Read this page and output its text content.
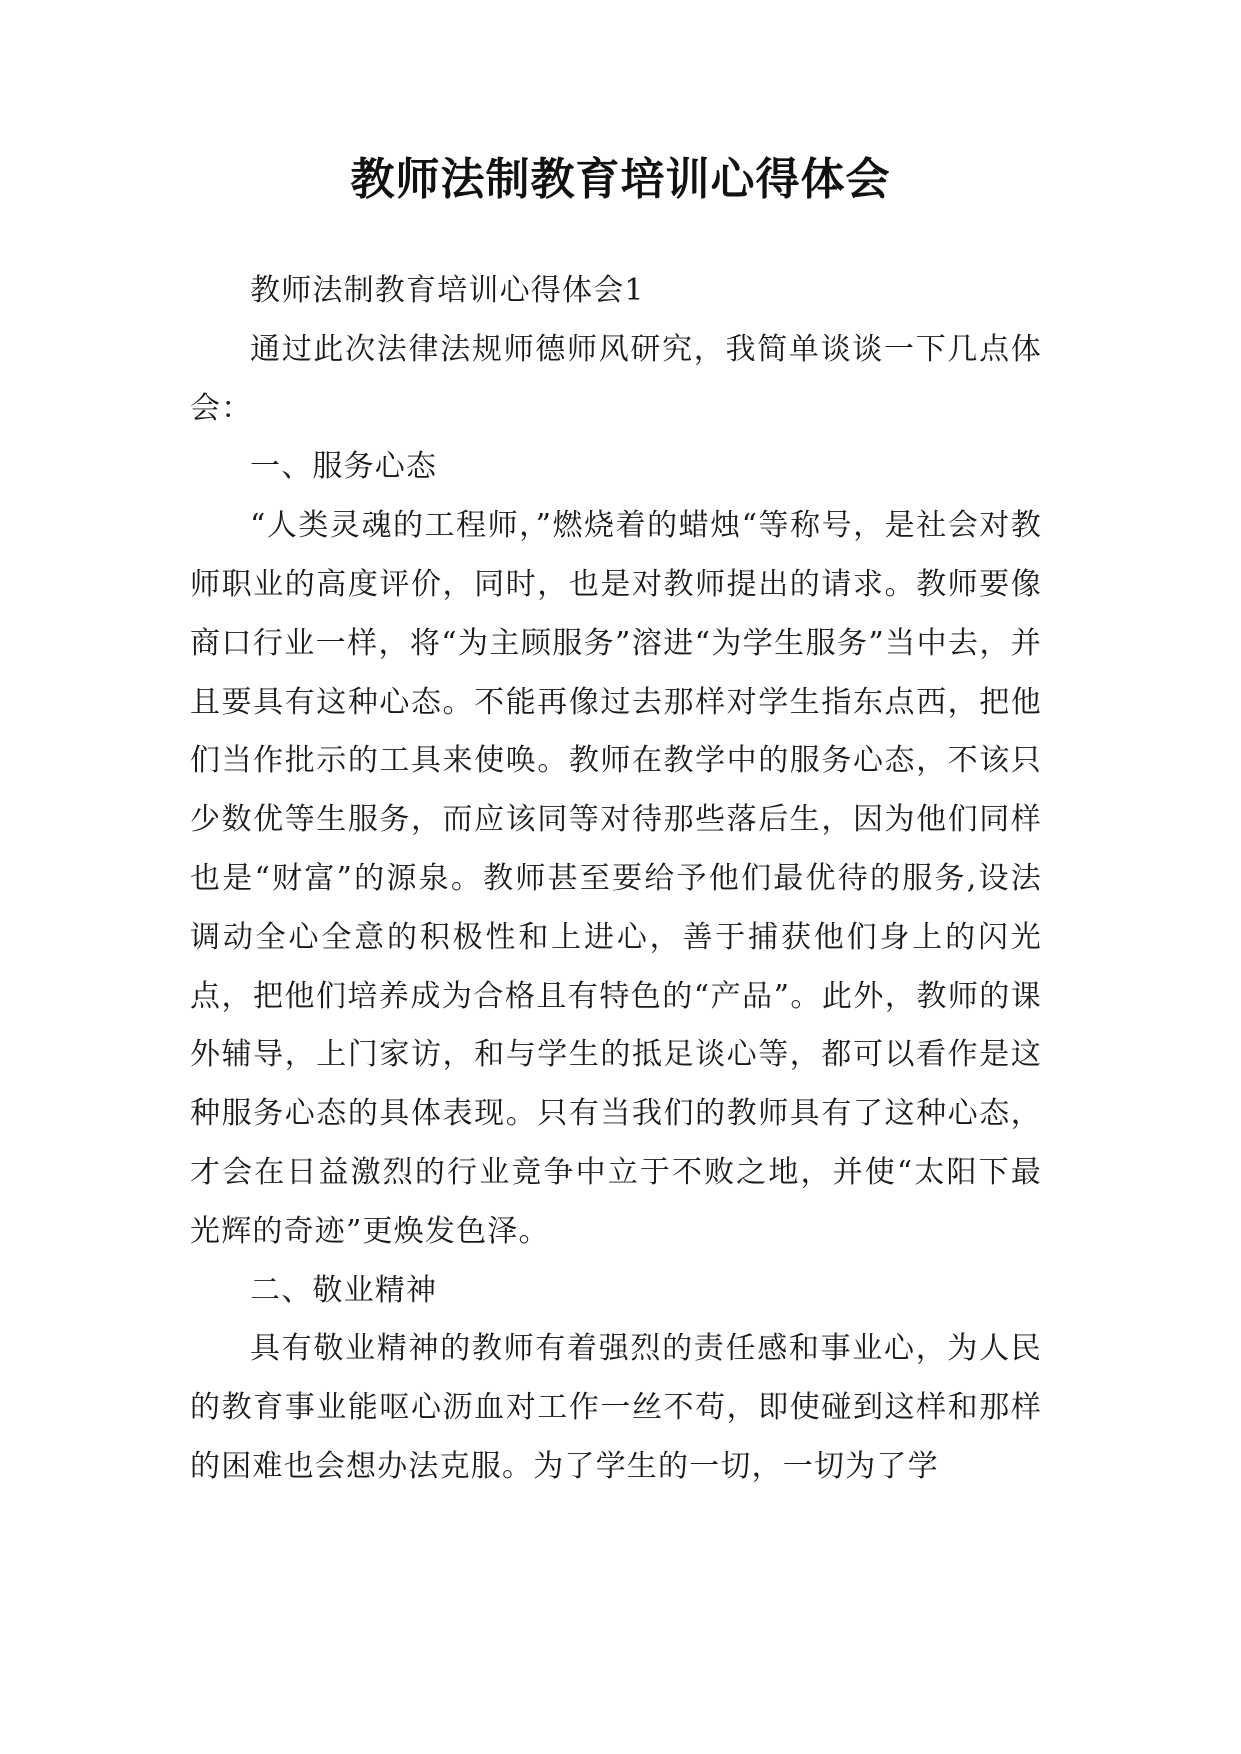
教师法制教育培训心得体会

教师法制教育培训心得体会1

通过此次法律法规师德师风研究，我简单谈谈一下几点体会：

一、服务心态

“人类灵魂的工程师，”燃烧着的蜡烛“等称号，是社会对教师职业的高度评价，同时，也是对教师提出的请求。教师要像商口行业一样，将“为主顾服务”溶进“为学生服务”当中去，并且要具有这种心态。不能再像过去那样对学生指东点西，把他们当作批示的工具来使唤。教师在教学中的服务心态，不该只少数优等生服务，而应该同等对待那些落后生，因为他们同样也是“财富”的源泉。教师甚至要给予他们最优待的服务,设法调动全心全意的积极性和上进心，善于捕获他们身上的闪光点，把他们培养成为合格且有特色的“产品”。此外，教师的课外辅导，上门家访，和与学生的抵足谈心等，都可以看作是这种服务心态的具体表现。只有当我们的教师具有了这种心态，才会在日益激烈的行业竟争中立于不败之地，并使“太阳下最光辉的奇迹”更焕发色泽。

二、敬业精神

具有敬业精神的教师有着强烈的责任感和事业心，为人民的教育事业能呕心沥血对工作一丝不苟，即使碰到这样和那样的困难也会想办法克服。为了学生的一切，一切为了学
